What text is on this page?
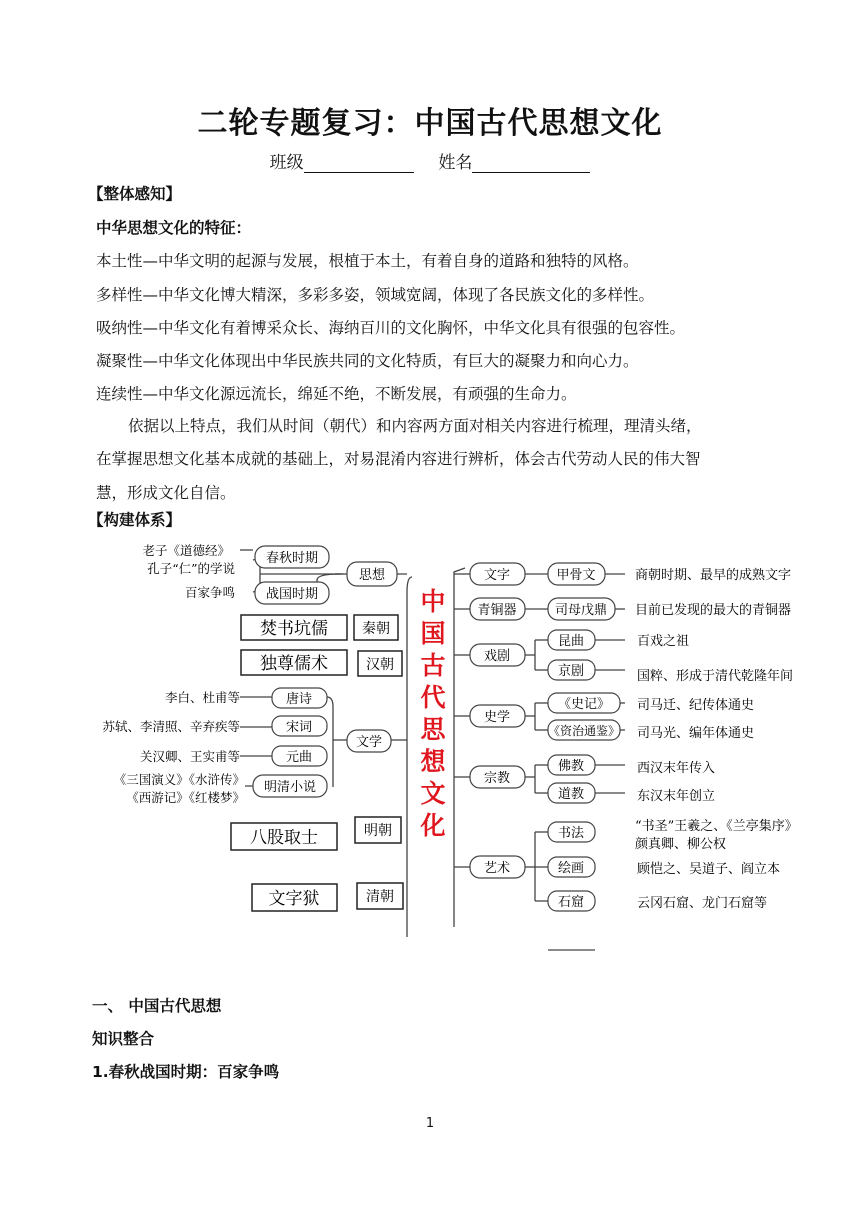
二轮专题复习：中国古代思想文化
班级	姓名
【整体感知】
中华思想文化的特征：
本土性—中华文明的起源与发展，根植于本土，有着自身的道路和独特的风格。
多样性—中华文化博大精深，多彩多姿，领域宽阔，体现了各民族文化的多样性。
吸纳性—中华文化有着博采众长、海纳百川的文化胸怀，中华文化具有很强的包容性。
凝聚性—中华文化体现出中华民族共同的文化特质，有巨大的凝聚力和向心力。
连续性—中华文化源远流长，绵延不绝，不断发展，有顽强的生命力。
依据以上特点，我们从时间（朝代）和内容两方面对相关内容进行梳理，理清头绪，
在掌握思想文化基本成就的基础上，对易混淆内容进行辨析，体会古代劳动人民的伟大智
慧，形成文化自信。
【构建体系】
思想
春秋时期
战国时期
老子《道德经》
孔子“仁”的学说
百家争鸣
焚书坑儒 秦朝
独尊儒术	汉朝
文学
唐诗
宋词
元曲
明清小说
李白、杜甫等
苏轼、李清照、辛弃疾等
关汉卿、王实甫等
《三国演义》《水浒传》
《西游记》《红楼梦》
八股取士	明朝
文字狱	清朝
中
国
古
代
思
想
文
化
文字	甲骨文	商朝时期、最早的成熟文字
青铜器	司母戊鼎 目前已发现的最大的青铜器
戏剧
昆曲
京剧
百戏之祖
国粹、形成于清代乾隆年间
史学
《史记》
《资治通鉴》
司马迁、纪传体通史
司马光、编年体通史
宗教
佛教
道教
西汉末年传入
东汉末年创立
艺术
书法
绘画
石窟
“书圣”王羲之、《兰亭集序》
颜真卿、柳公权
顾恺之、吴道子、阎立本
云冈石窟、龙门石窟等
一、 中国古代思想
知识整合
1.春秋战国时期：百家争鸣
1
